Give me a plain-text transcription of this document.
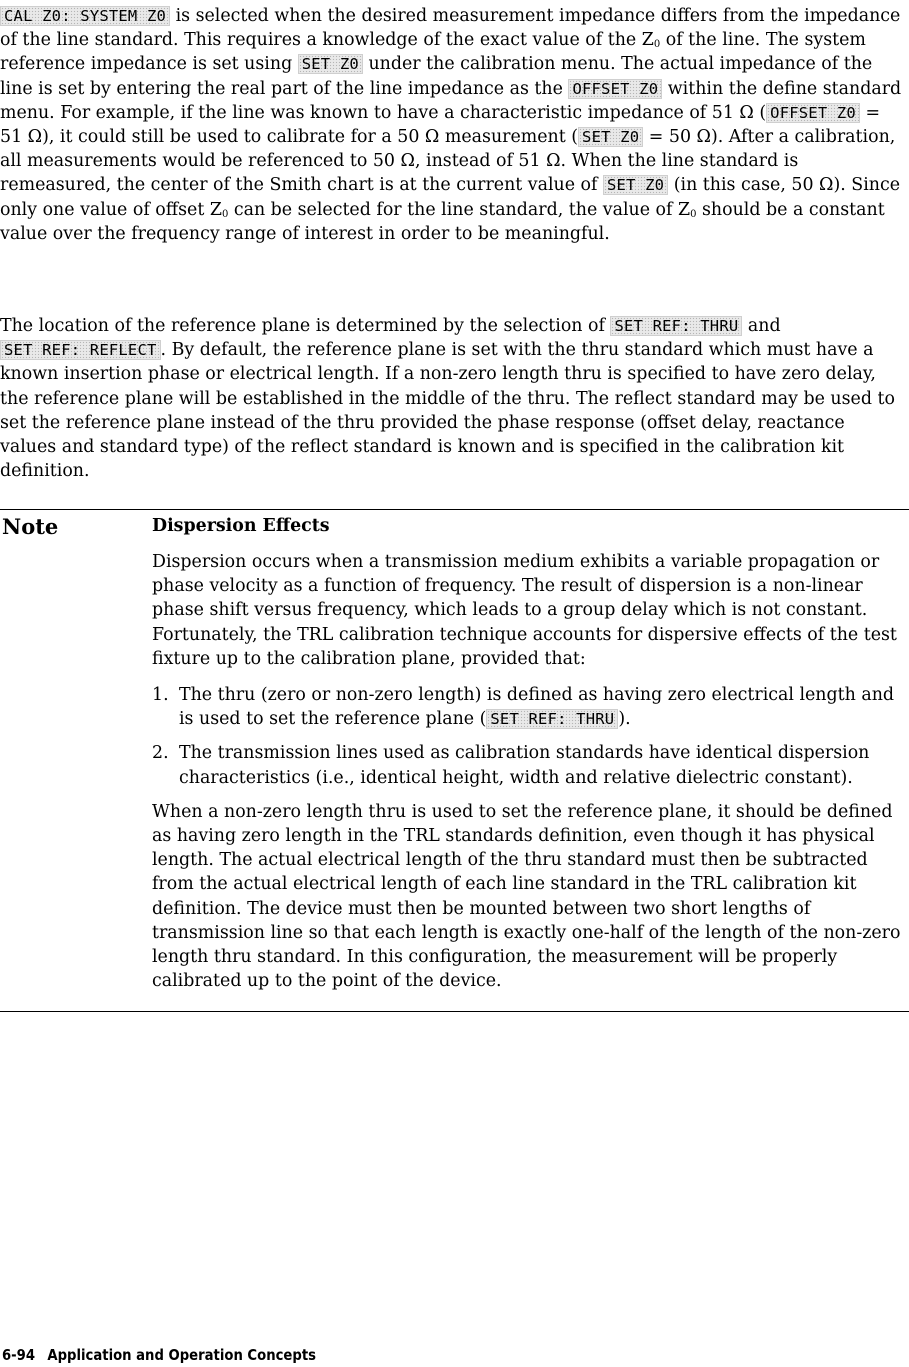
CAL Z0: SYSTEM Z0 is selected when the desired measurement impedance differs from the impedance of the line standard. This requires a knowledge of the exact value of the $Z_0$ of the line. The system reference impedance is set using SET Z0 under the calibration menu. The actual impedance of the line is set by entering the real part of the line impedance as the OFFSET Z0 within the define standard menu. For example, if the line was known to have a characteristic impedance of 51 Ω ( OFFSET Z0 = 51 Ω), it could still be used to calibrate for a 50 Ω measurement ( SET Z0 = 50 Ω). After a calibration, all measurements would be referenced to 50 Ω, instead of 51 Ω. When the line standard is remeasured, the center of the Smith chart is at the current value of SET Z0 (in this case, 50 Ω). Since only one value of offset $Z_0$ can be selected for the line standard, the value of $Z_0$ should be a constant value over the frequency range of interest in order to be meaningful.

The location of the reference plane is determined by the selection of SET REF: THRU and SET REF: REFLECT . By default, the reference plane is set with the thru standard which must have a known insertion phase or electrical length. If a non-zero length thru is specified to have zero delay, the reference plane will be established in the middle of the thru. The reflect standard may be used to set the reference plane instead of the thru provided the phase response (offset delay, reactance values and standard type) of the reflect standard is known and is specified in the calibration kit definition.

Note	Dispersion Effects

Dispersion occurs when a transmission medium exhibits a variable propagation or phase velocity as a function of frequency. The result of dispersion is a non-linear phase shift versus frequency, which leads to a group delay which is not constant. Fortunately, the TRL calibration technique accounts for dispersive effects of the test fixture up to the calibration plane, provided that:

1. The thru (zero or non-zero length) is defined as having zero electrical length and is used to set the reference plane ( SET REF: THRU ).
2. The transmission lines used as calibration standards have identical dispersion characteristics (i.e., identical height, width and relative dielectric constant).

When a non-zero length thru is used to set the reference plane, it should be defined as having zero length in the TRL standards definition, even though it has physical length. The actual electrical length of the thru standard must then be subtracted from the actual electrical length of each line standard in the TRL calibration kit definition. The device must then be mounted between two short lengths of transmission line so that each length is exactly one-half of the length of the non-zero length thru standard. In this configuration, the measurement will be properly calibrated up to the point of the device.

6-94 Application and Operation Concepts
